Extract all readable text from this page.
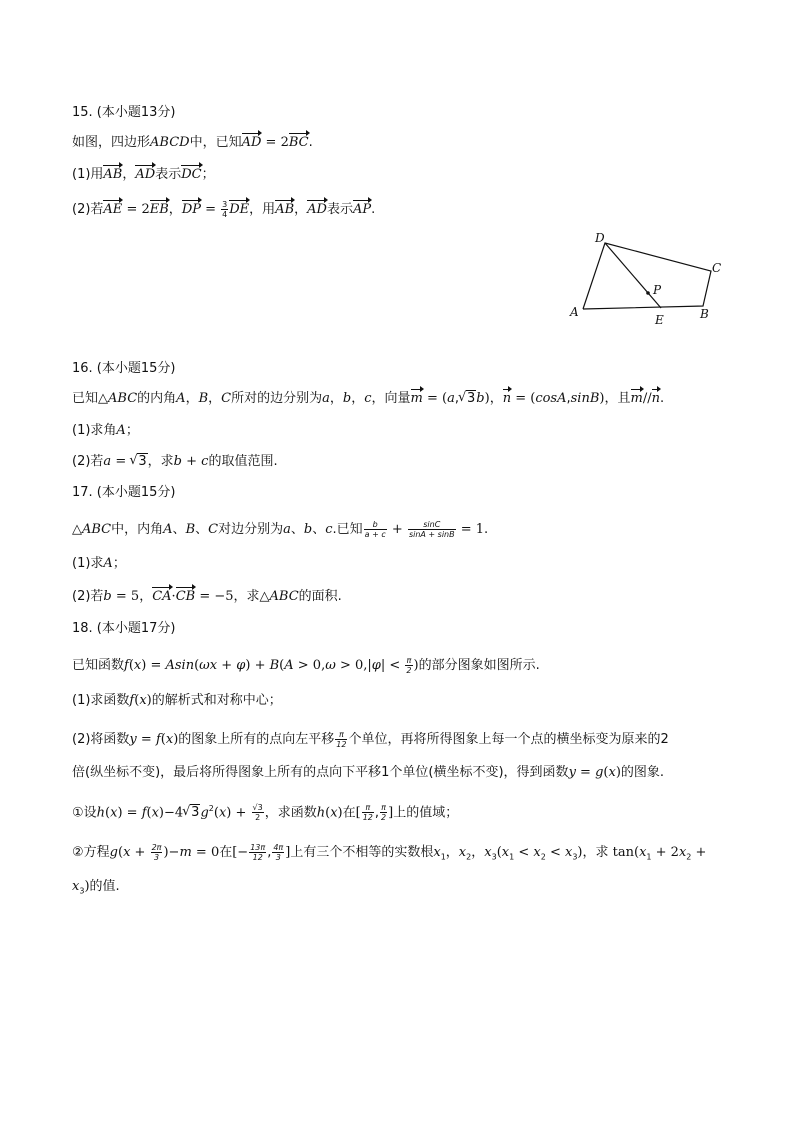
15. (本小题13分)
如图，四边形ABCD中，已知AD = 2BC.
(1)用AB，AD表示DC；
(2)若AE = 2EB，DP = $\frac{3}{4}$ DE，用AB，AD表示AP.
D
C
P
A
E	B
16. (本小题15分)
已知△ABC的内角A，B，C所对的边分别为a，b，c，向量m = (a, √ 3b)，n = (cosA,sinB)，且m//n.
(1)求角A；
(2)若a = √ 3，求b + c的取值范围.
17. (本小题15分)
△ABC中，内角A、B、C对边分别为a、b、c.已知 $\frac{b}{a + c} + \frac{\sin C}{\sin A + \sin B} = 1$.
(1)求A；
(2)若b = 5，CA·CB = −5，求△ABC的面积.
18. (本小题17分)
已知函数$f(x) = Asin(\omega x + \varphi) + B(A > 0,\omega > 0,|\varphi| < \frac{\pi}{2}$ )的部分图象如图所示.
(1)求函数f(x)的解析式和对称中心；
(2)将函数y = f(x)的图象上所有的点向左平移 $\frac{\pi}{12}$ 个单位，再将所得图象上每一个点的横坐标变为原来的2
倍(纵坐标不变)，最后将所得图象上所有的点向下平移1个单位(横坐标不变)，得到函数y = g(x)的图象.
①设h(x) = f(x)−4 √ $3g^2(x) + \frac{√3}{2}$ ，求函数h(x)在[ $\frac{\pi}{12}$ , $\frac{\pi}{2}$ ]上的值域；
②方程$g(x + \frac{2\pi}{3} )-m = 0$在[− $\frac{13\pi}{12}$ , $\frac{4\pi}{3}$ ]上有三个不相等的实数根$x_1$，$x_2$，$x_3(x_1 < x_2 < x_3)$，求 $\tan(x_1 + 2x_2$ +
$x_3$)的值.
